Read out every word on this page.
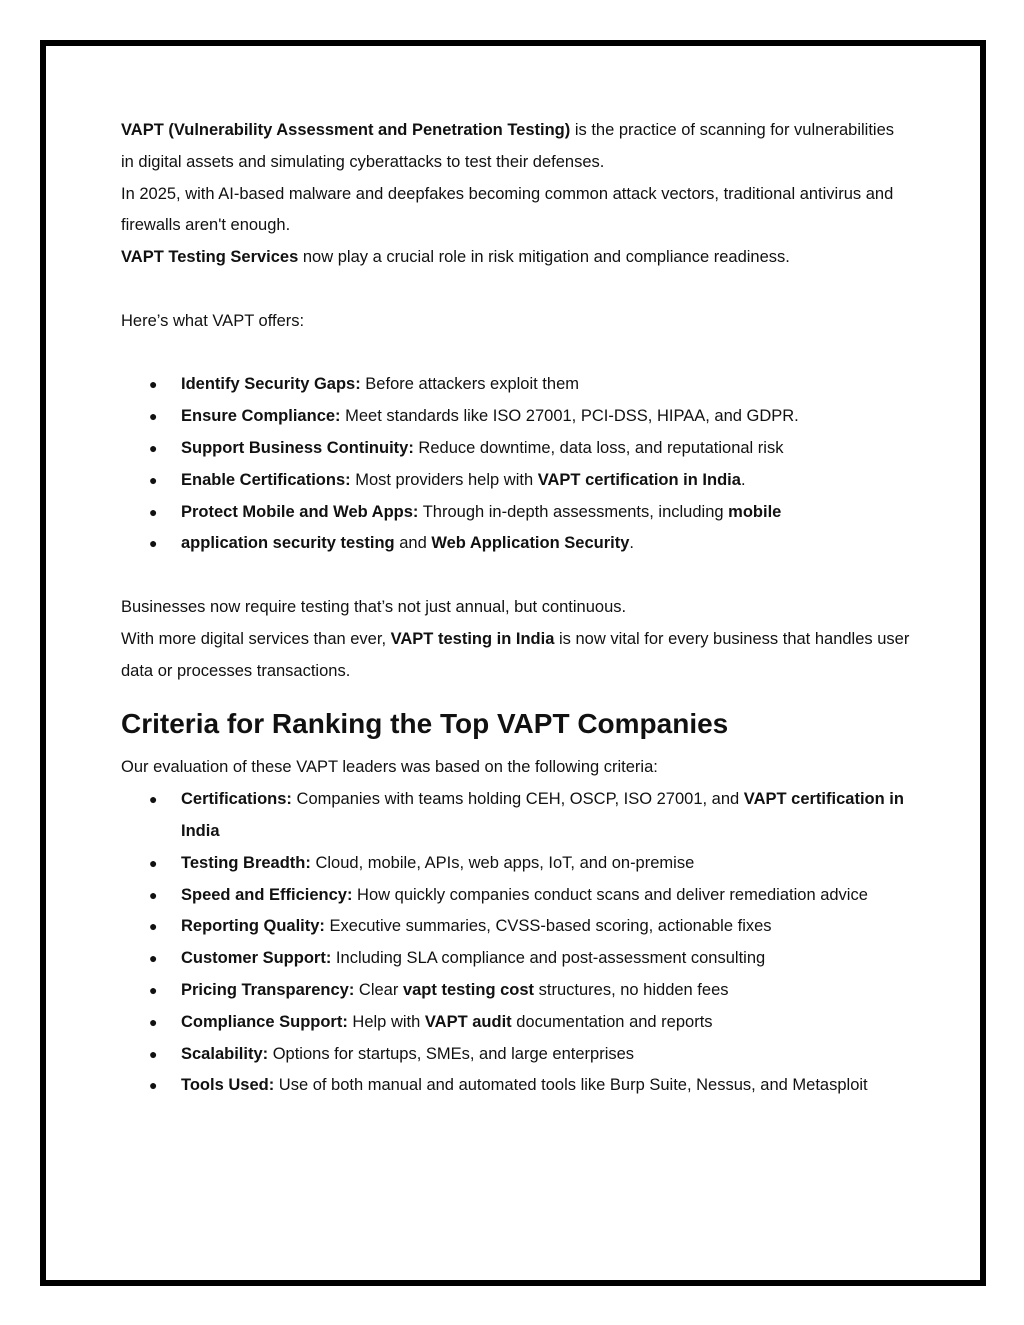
VAPT (Vulnerability Assessment and Penetration Testing) is the practice of scanning for vulnerabilities in digital assets and simulating cyberattacks to test their defenses.

In 2025, with AI-based malware and deepfakes becoming common attack vectors, traditional antivirus and firewalls aren't enough.

VAPT Testing Services now play a crucial role in risk mitigation and compliance readiness.

Here’s what VAPT offers:

● Identify Security Gaps: Before attackers exploit them
● Ensure Compliance: Meet standards like ISO 27001, PCI-DSS, HIPAA, and GDPR.
● Support Business Continuity: Reduce downtime, data loss, and reputational risk
● Enable Certifications: Most providers help with VAPT certification in India.
● Protect Mobile and Web Apps: Through in-depth assessments, including mobile
● application security testing and Web Application Security.

Businesses now require testing that’s not just annual, but continuous.

With more digital services than ever, VAPT testing in India is now vital for every business that handles user data or processes transactions.

Criteria for Ranking the Top VAPT Companies

Our evaluation of these VAPT leaders was based on the following criteria:

● Certifications: Companies with teams holding CEH, OSCP, ISO 27001, and VAPT certification in India
● Testing Breadth: Cloud, mobile, APIs, web apps, IoT, and on-premise
● Speed and Efficiency: How quickly companies conduct scans and deliver remediation advice
● Reporting Quality: Executive summaries, CVSS-based scoring, actionable fixes
● Customer Support: Including SLA compliance and post-assessment consulting
● Pricing Transparency: Clear vapt testing cost structures, no hidden fees
● Compliance Support: Help with VAPT audit documentation and reports
● Scalability: Options for startups, SMEs, and large enterprises
● Tools Used: Use of both manual and automated tools like Burp Suite, Nessus, and Metasploit
